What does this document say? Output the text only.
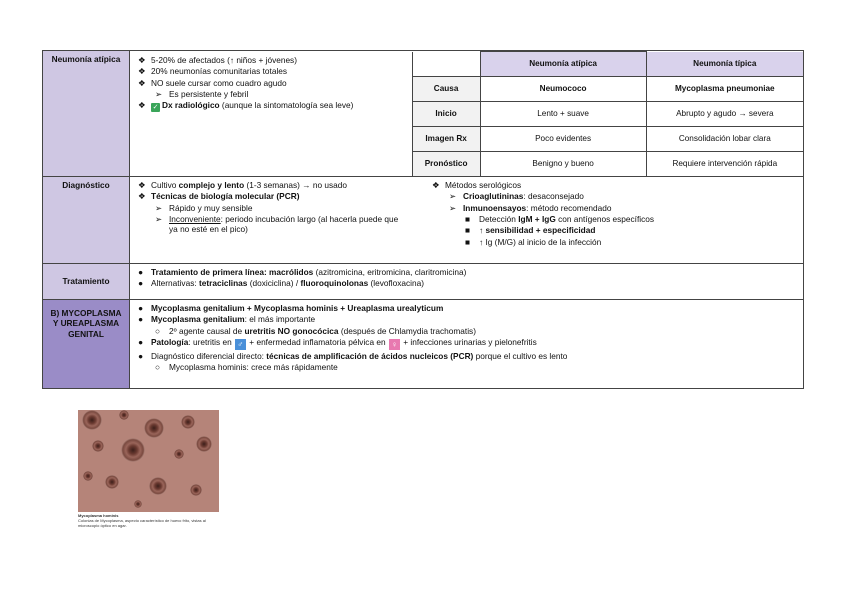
Neumonía atípica	❖ 5-20% de afectados (↑ niños + jóvenes)
❖ 20% neumonías comunitarias totales
❖ NO suele cursar como cuadro agudo
➢ Es persistente y febril
❖ ✓ Dx radiológico (aunque la sintomatología sea leve)
	Neumonía atípica	Neumonía típica
Causa	Neumococo	Mycoplasma pneumoniae
Inicio	Lento + suave	Abrupto y agudo → severa
Imagen Rx	Poco evidentes	Consolidación lobar clara
Pronóstico	Benigno y bueno	Requiere intervención rápida

Diagnóstico	❖ Cultivo complejo y lento (1-3 semanas) → no usado
❖ Técnicas de biología molecular (PCR)
➢ Rápido y muy sensible
➢ Inconveniente: periodo incubación largo (al hacerla puede que ya no esté en el pico)
❖ Métodos serológicos
➢ Crioaglutininas: desaconsejado
➢ Inmunoensayos: método recomendado
■ Detección IgM + IgG con antígenos específicos
■ ↑ sensibilidad + especificidad
■ ↑ Ig (M/G) al inicio de la infección

Tratamiento	
● Tratamiento de primera línea: macrólidos (azitromicina, eritromicina, claritromicina)
● Alternativas: tetraciclinas (doxiciclina) / fluoroquinolonas (levofloxacina)

B) MYCOPLASMA Y UREAPLASMA GENITAL	
● Mycoplasma genitalium + Mycoplasma hominis + Ureaplasma urealyticum
● Mycoplasma genitalium: el más importante
○ 2º agente causal de uretritis NO gonocócica (después de Chlamydia trachomatis)
● Patología: uretritis en ♂ + enfermedad inflamatoria pélvica en ♀ + infecciones urinarias y pielonefritis
● Diagnóstico diferencial directo: técnicas de amplificación de ácidos nucleicos (PCR) porque el cultivo es lento
○ Mycoplasma hominis: crece más rápidamente
Mycoplasma hominis
Colonias de Mycoplasma, aspecto característico de huevo frito, vistas al microscopio óptico en agar.
